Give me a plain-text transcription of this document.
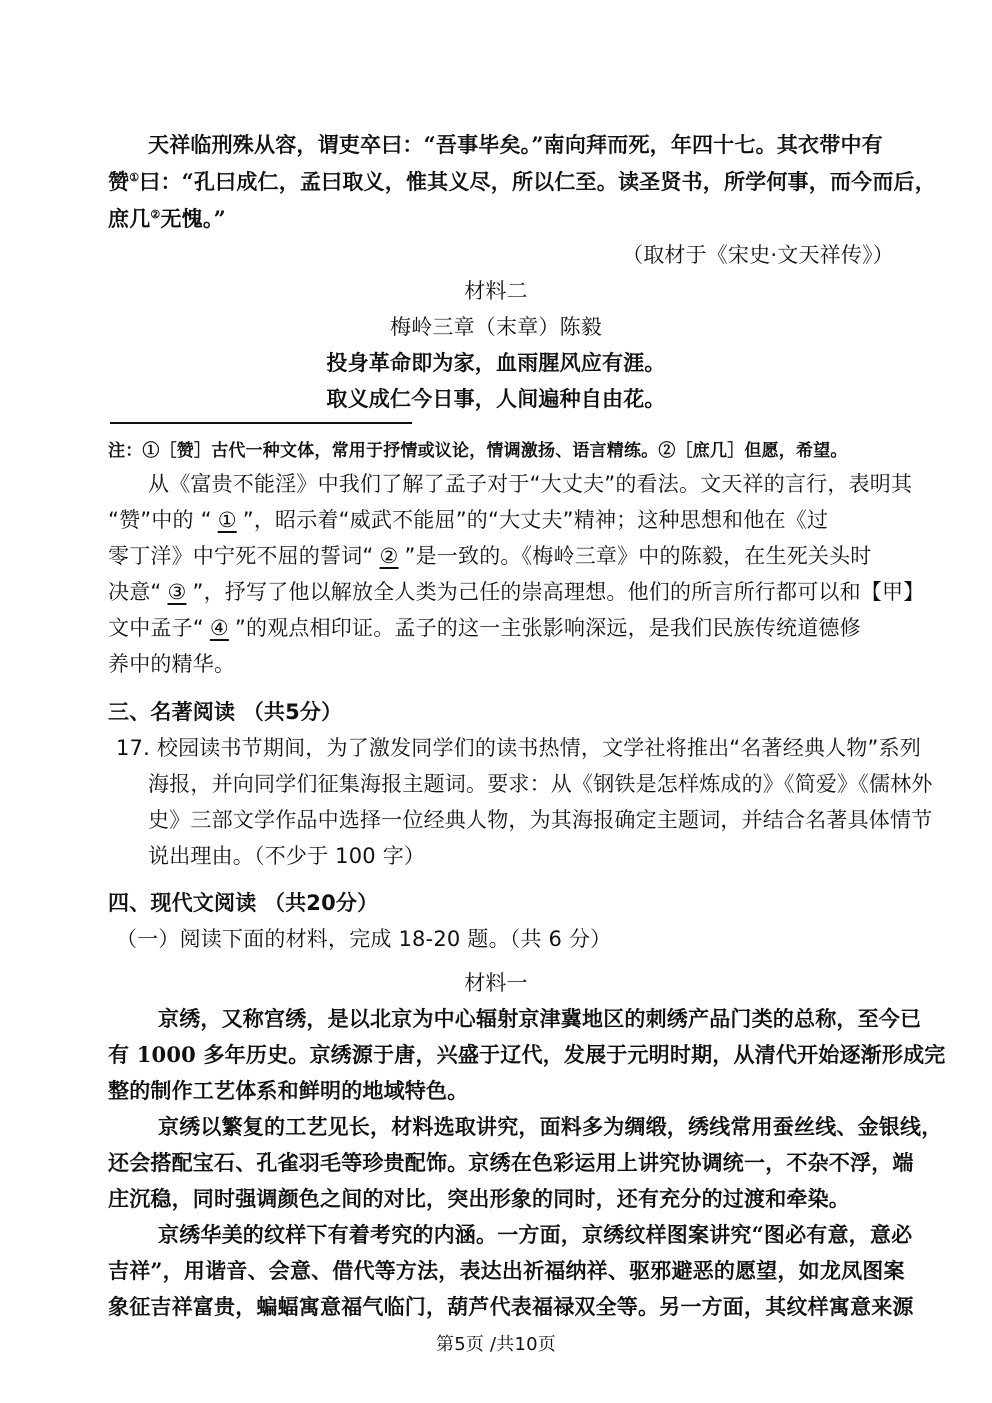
天祥临刑殊从容，谓吏卒曰：“吾事毕矣。”南向拜而死，年四十七。其衣带中有
赞①曰：“孔曰成仁，孟曰取义，惟其义尽，所以仁至。读圣贤书，所学何事，而今而后，
庶几②无愧。”
（取材于《宋史·文天祥传》）
材料二
梅岭三章（末章）陈毅
投身革命即为家，血雨腥风应有涯。
取义成仁今日事，人间遍种自由花。
注：①［赞］古代一种文体，常用于抒情或议论，情调激扬、语言精练。②［庶几］但愿，希望。
从《富贵不能淫》中我们了解了孟子对于“大丈夫”的看法。文天祥的言行，表明其
“赞”中的 “ ① ”，昭示着“威武不能屈”的“大丈夫”精神；这种思想和他在《过
零丁洋》中宁死不屈的誓词“ ② ”是一致的。《梅岭三章》中的陈毅，在生死关头时
决意“ ③ ”，抒写了他以解放全人类为己任的崇高理想。他们的所言所行都可以和【甲】
文中孟子“ ④ ”的观点相印证。孟子的这一主张影响深远，是我们民族传统道德修
养中的精华。
三、名著阅读 （共5分）
17. 校园读书节期间，为了激发同学们的读书热情，文学社将推出“名著经典人物”系列
海报，并向同学们征集海报主题词。要求：从《钢铁是怎样炼成的》《简爱》《儒林外
史》三部文学作品中选择一位经典人物，为其海报确定主题词，并结合名著具体情节
说出理由。（不少于 100 字）
四、现代文阅读 （共20分）
（一）阅读下面的材料，完成 18-20 题。（共 6 分）
材料一
京绣，又称宫绣，是以北京为中心辐射京津冀地区的刺绣产品门类的总称，至今已
有 1000 多年历史。京绣源于唐，兴盛于辽代，发展于元明时期，从清代开始逐渐形成完
整的制作工艺体系和鲜明的地域特色。
京绣以繁复的工艺见长，材料选取讲究，面料多为绸缎，绣线常用蚕丝线、金银线，
还会搭配宝石、孔雀羽毛等珍贵配饰。京绣在色彩运用上讲究协调统一，不杂不浮，端
庄沉稳，同时强调颜色之间的对比，突出形象的同时，还有充分的过渡和牵染。
京绣华美的纹样下有着考究的内涵。一方面，京绣纹样图案讲究“图必有意，意必
吉祥”，用谐音、会意、借代等方法，表达出祈福纳祥、驱邪避恶的愿望，如龙凤图案
象征吉祥富贵，蝙蝠寓意福气临门，葫芦代表福禄双全等。另一方面，其纹样寓意来源
第5页 /共10页
